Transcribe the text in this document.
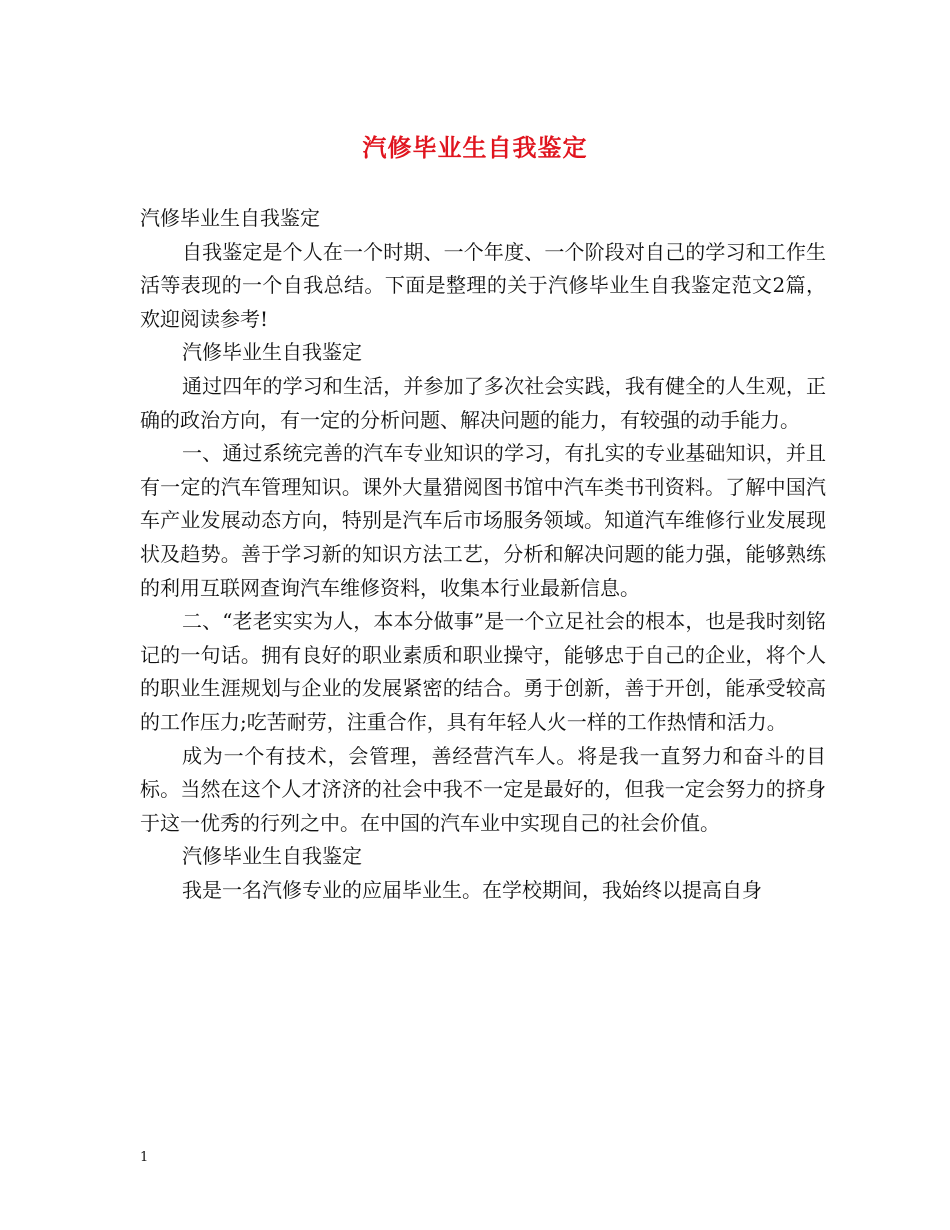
汽修毕业生自我鉴定

汽修毕业生自我鉴定

自我鉴定是个人在一个时期、一个年度、一个阶段对自己的学习和工作生活等表现的一个自我总结。下面是整理的关于汽修毕业生自我鉴定范文2篇，欢迎阅读参考!

汽修毕业生自我鉴定

通过四年的学习和生活，并参加了多次社会实践，我有健全的人生观，正确的政治方向，有一定的分析问题、解决问题的能力，有较强的动手能力。

一、通过系统完善的汽车专业知识的学习，有扎实的专业基础知识，并且有一定的汽车管理知识。课外大量猎阅图书馆中汽车类书刊资料。了解中国汽车产业发展动态方向，特别是汽车后市场服务领域。知道汽车维修行业发展现状及趋势。善于学习新的知识方法工艺，分析和解决问题的能力强，能够熟练的利用互联网查询汽车维修资料，收集本行业最新信息。

二、“老老实实为人，本本分做事”是一个立足社会的根本，也是我时刻铭记的一句话。拥有良好的职业素质和职业操守，能够忠于自己的企业，将个人的职业生涯规划与企业的发展紧密的结合。勇于创新，善于开创，能承受较高的工作压力;吃苦耐劳，注重合作，具有年轻人火一样的工作热情和活力。

成为一个有技术，会管理，善经营汽车人。将是我一直努力和奋斗的目标。当然在这个人才济济的社会中我不一定是最好的，但我一定会努力的挤身于这一优秀的行列之中。在中国的汽车业中实现自己的社会价值。

汽修毕业生自我鉴定

我是一名汽修专业的应届毕业生。在学校期间，我始终以提高自身

1
